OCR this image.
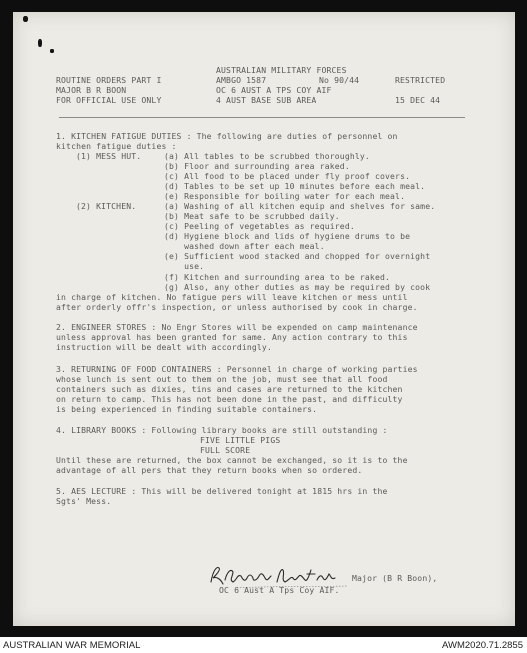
AUSTRALIAN MILITARY FORCES
ROUTINE ORDERS PART I	AMBGO 1587	No 90/44	RESTRICTED
MAJOR B R BOON	OC 6 AUST A TPS COY AIF
FOR OFFICIAL USE ONLY	4 AUST BASE SUB AREA	15 DEC 44
1. KITCHEN FATIGUE DUTIES : The following are duties of personnel on
kitchen fatigue duties :
(1) MESS HUT.	(a) All tables to be scrubbed thoroughly.
(b) Floor and surrounding area raked.
(c) All food to be placed under fly proof covers.
(d) Tables to be set up 10 minutes before each meal.
(e) Responsible for boiling water for each meal.
(2) KITCHEN.	(a) Washing of all kitchen equip and shelves for same.
(b) Meat safe to be scrubbed daily.
(c) Peeling of vegetables as required.
(d) Hygiene block and lids of hygiene drums to be
washed down after each meal.
(e) Sufficient wood stacked and chopped for overnight
use.
(f) Kitchen and surrounding area to be raked.
(g) Also, any other duties as may be required by cook
in charge of kitchen. No fatigue pers will leave kitchen or mess until
after orderly offr's inspection, or unless authorised by cook in charge.
2. ENGINEER STORES : No Engr Stores will be expended on camp maintenance
unless approval has been granted for same. Any action contrary to this
instruction will be dealt with accordingly.
3. RETURNING OF FOOD CONTAINERS : Personnel in charge of working parties
whose lunch is sent out to them on the job, must see that all food
containers such as dixies, tins and cases are returned to the kitchen
on return to camp. This has not been done in the past, and difficulty
is being experienced in finding suitable containers.
4. LIBRARY BOOKS : Following library books are still outstanding :
FIVE LITTLE PIGS
FULL SCORE
Until these are returned, the box cannot be exchanged, so it is to the
advantage of all pers that they return books when so ordered.
5. AES LECTURE : This will be delivered tonight at 1815 hrs in the
Sgts' Mess.
Major (B R Boon),
OC 6 Aust A Tps Coy AIF.
AUSTRALIAN WAR MEMORIAL	AWM2020.71.2855
